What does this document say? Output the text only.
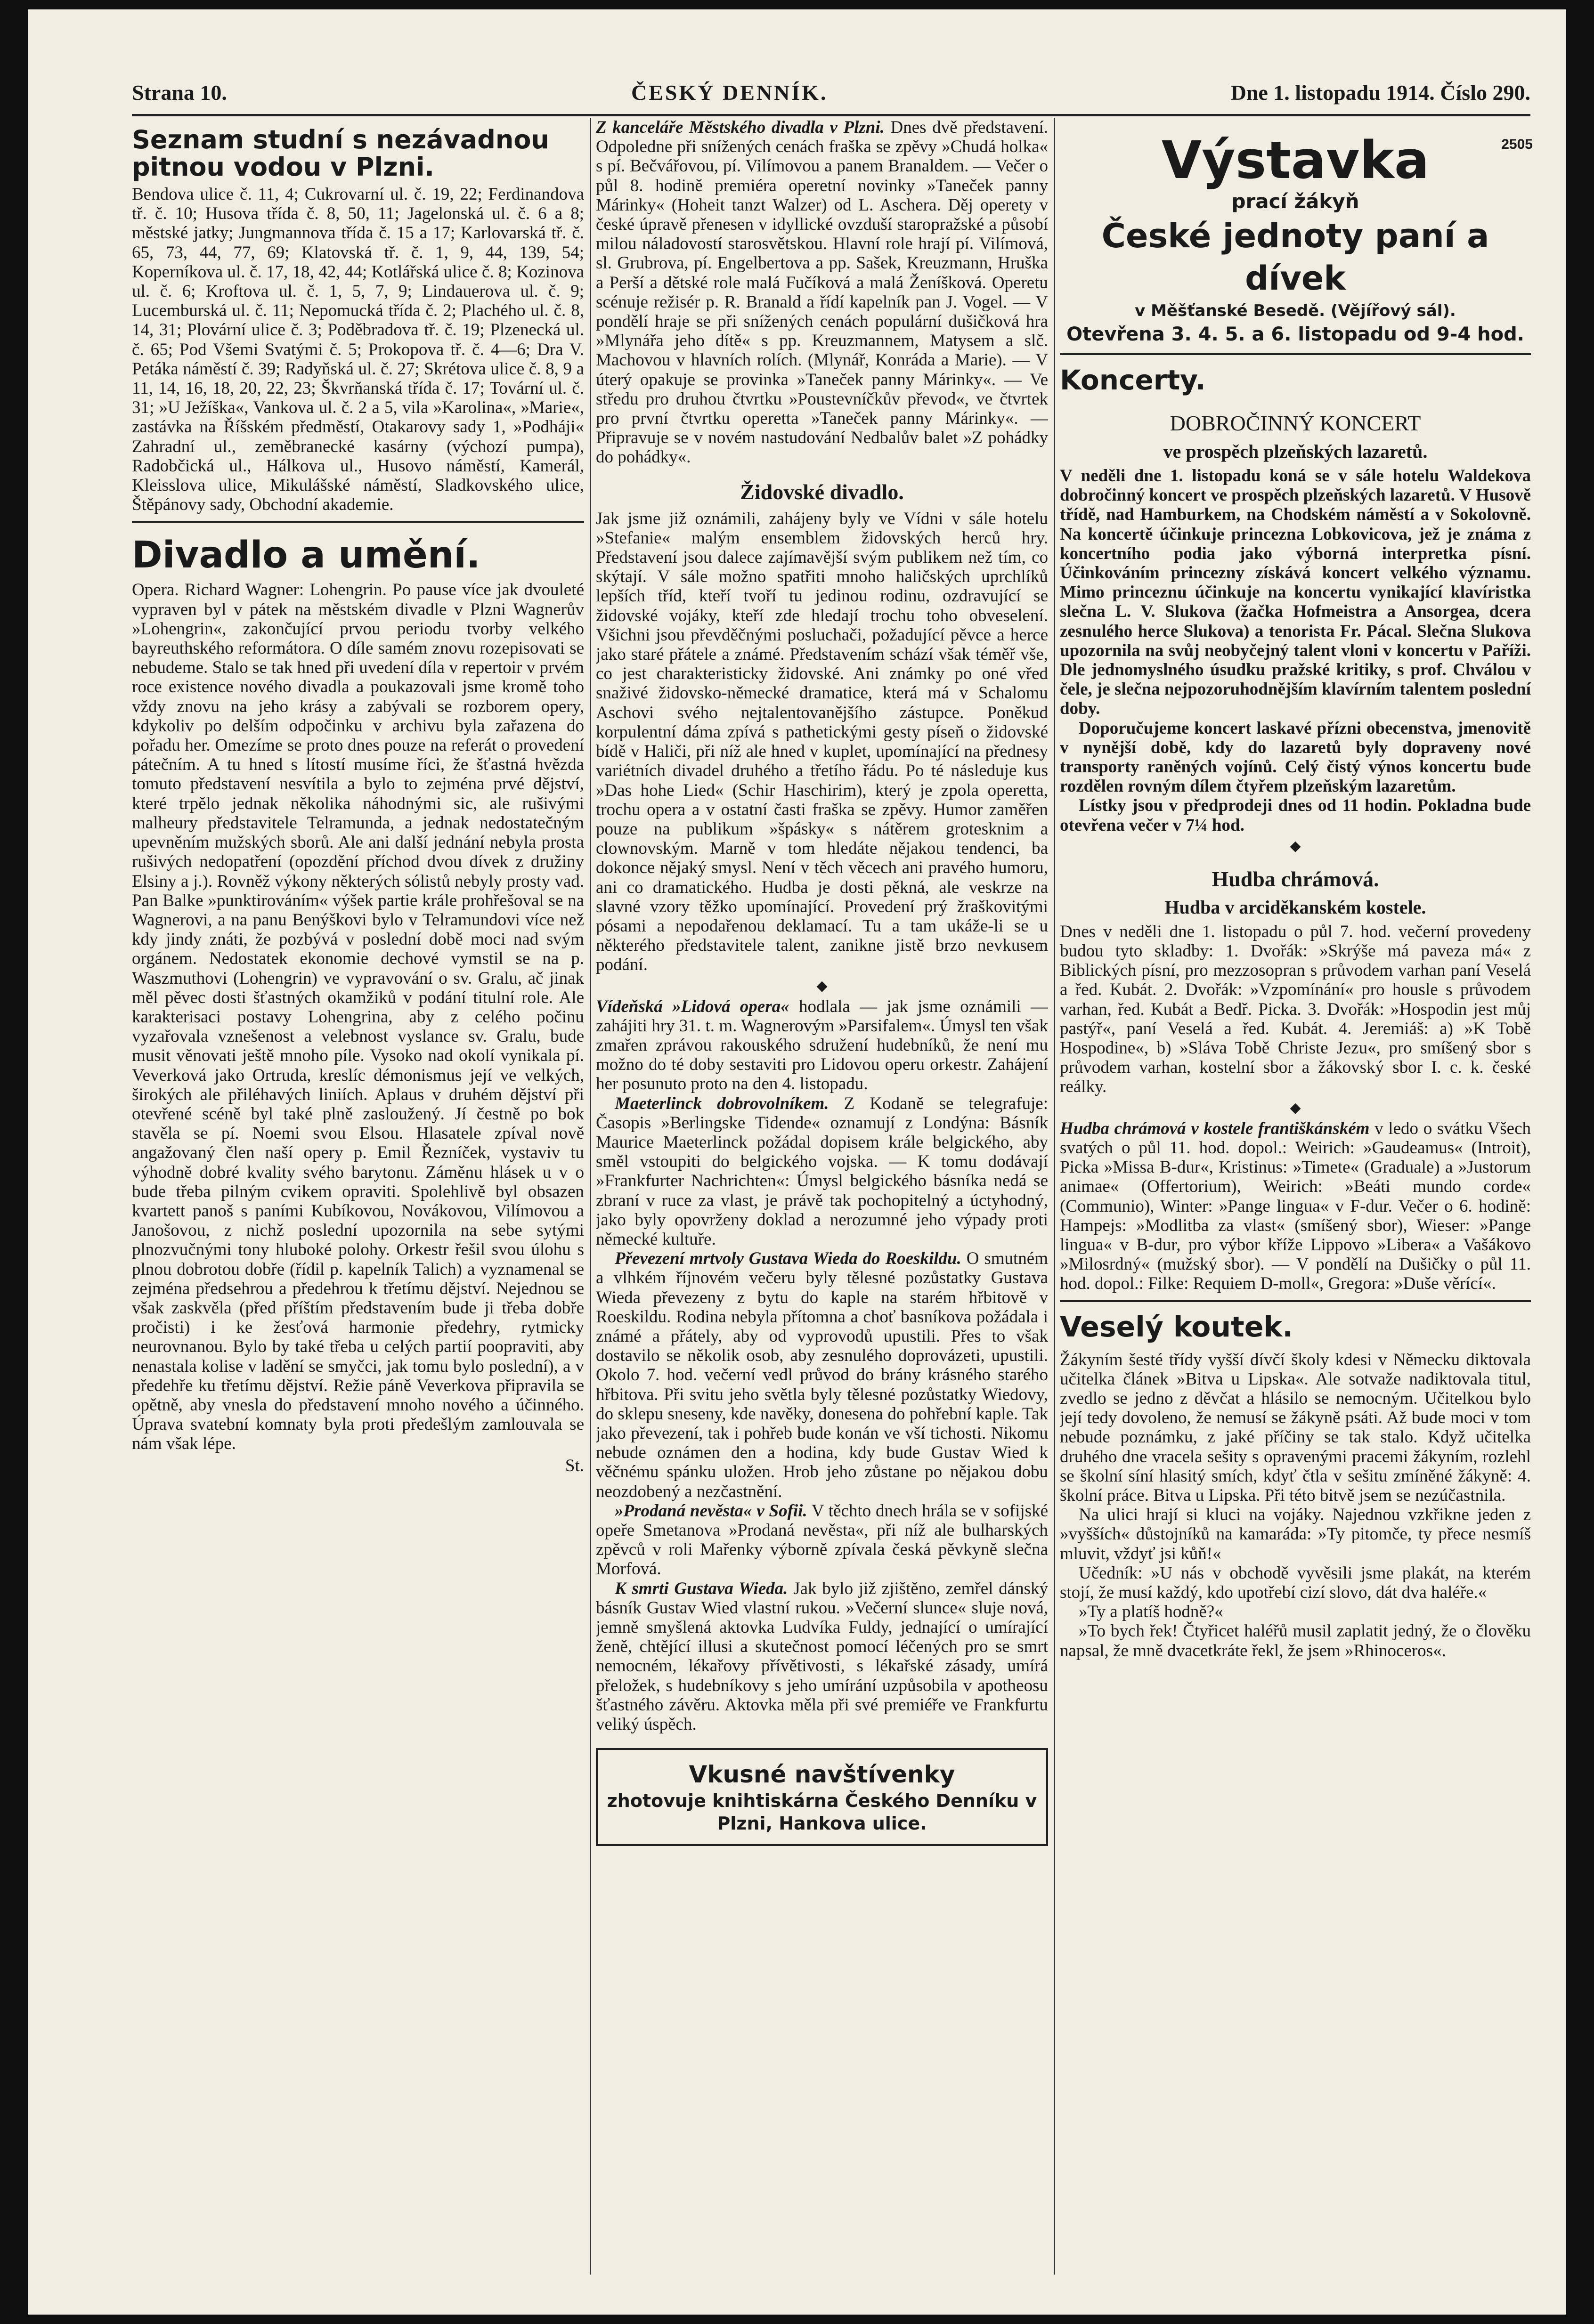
Strana 10.	ČESKÝ DENNÍK.	Dne 1. listopadu 1914. Číslo 290.
Seznam studní s nezávadnou pitnou vodou v Plzni.

Bendova ulice č. 11, 4; Cukrovarní ul. č. 19, 22; Ferdinandova tř. č. 10; Husova třída č. 8, 50, 11; Jagelonská ul. č. 6 a 8; městské jatky; Jungmannova třída č. 15 a 17; Karlovarská tř. č. 65, 73, 44, 77, 69; Klatovská tř. č. 1, 9, 44, 139, 54; Koperníkova ul. č. 17, 18, 42, 44; Kotlářská ulice č. 8; Kozinova ul. č. 6; Kroftova ul. č. 1, 5, 7, 9; Lindauerova ul. č. 9; Lucemburská ul. č. 11; Nepomucká třída č. 2; Plachého ul. č. 8, 14, 31; Plovární ulice č. 3; Poděbradova tř. č. 19; Plzenecká ul. č. 65; Pod Všemi Svatými č. 5; Prokopova tř. č. 4—6; Dra V. Petáka náměstí č. 39; Radyňská ul. č. 27; Skrétova ulice č. 8, 9 a 11, 14, 16, 18, 20, 22, 23; Škvrňanská třída č. 17; Tovární ul. č. 31; »U Ježíška«, Vankova ul. č. 2 a 5, vila »Karolina«, »Marie«, zastávka na Říšském předměstí, Otakarovy sady 1, »Podháji« Zahradní ul., zeměbranecké kasárny (výchozí pumpa), Radobčická ul., Hálkova ul., Husovo náměstí, Kamerál, Kleisslova ulice, Mikulášské náměstí, Sladkovského ulice, Štěpánovy sady, Obchodní akademie.

Divadlo a umění.

Opera. Richard Wagner: Lohengrin. Po pause více jak dvouleté vypraven byl v pátek na městském divadle v Plzni Wagnerův »Lohengrin«, zakončující prvou periodu tvorby velkého bayreuthského reformátora. O díle samém znovu rozepisovati se nebudeme. Stalo se tak hned při uvedení díla v repertoir v prvém roce existence nového divadla a poukazovali jsme kromě toho vždy znovu na jeho krásy a zabývali se rozborem opery, kdykoliv po delším odpočinku v archivu byla zařazena do pořadu her. Omezíme se proto dnes pouze na referát o provedení pátečním. A tu hned s lítostí musíme říci, že šťastná hvězda tomuto představení nesvítila a bylo to zejména prvé dějství, které trpělo jednak několika náhodnými sic, ale rušivými malheury představitele Telramunda, a jednak nedostatečným upevněním mužských sborů. Ale ani další jednání nebyla prosta rušivých nedopatření (opozdění příchod dvou dívek z družiny Elsiny a j.). Rovněž výkony některých sólistů nebyly prosty vad. Pan Balke »punktirováním« výšek partie krále prohřešoval se na Wagnerovi, a na panu Benýškovi bylo v Telramundovi více než kdy jindy znáti, že pozbývá v poslední době moci nad svým orgánem. Nedostatek ekonomie dechové vymstil se na p. Waszmuthovi (Lohengrin) ve vypravování o sv. Gralu, ač jinak měl pěvec dosti šťastných okamžiků v podání titulní role. Ale karakterisaci postavy Lohengrina, aby z celého počinu vyzařovala vznešenost a velebnost vyslance sv. Gralu, bude musit věnovati ještě mnoho píle. Vysoko nad okolí vynikala pí. Veverková jako Ortruda, kreslíc démonismus její ve velkých, širokých ale přiléhavých liniích. Aplaus v druhém dějství při otevřené scéně byl také plně zasloužený. Jí čestně po bok stavěla se pí. Noemi svou Elsou. Hlasatele zpíval nově angažovaný člen naší opery p. Emil Řezníček, vystaviv tu výhodně dobré kvality svého barytonu. Záměnu hlásek u v o bude třeba pilným cvikem opraviti. Spolehlivě byl obsazen kvartett panoš s paními Kubíkovou, Novákovou, Vilímovou a Janošovou, z nichž poslední upozornila na sebe sytými plnozvučnými tony hluboké polohy. Orkestr řešil svou úlohu s plnou dobrotou dobře (řídil p. kapelník Talich) a vyznamenal se zejména předsehrou a předehrou k třetímu dějství. Nejednou se však zaskvěla (před příštím představením bude ji třeba dobře pročisti) i ke žesťová harmonie předehry, rytmicky neurovnanou. Bylo by také třeba u celých partií poopraviti, aby nenastala kolise v ladění se smyčci, jak tomu bylo poslední), a v předehře ku třetímu dějství. Režie páně Veverkova připravila se opětně, aby vnesla do představení mnoho nového a účinného. Úprava svatební komnaty byla proti předešlým zamlouvala se nám však lépe.

St.

Z kanceláře Městského divadla v Plzni. Dnes dvě představení. Odpoledne při snížených cenách fraška se zpěvy »Chudá holka« s pí. Bečvářovou, pí. Vilímovou a panem Branaldem. — Večer o půl 8. hodině premiéra operetní novinky »Taneček panny Márinky« (Hoheit tanzt Walzer) od L. Aschera. Děj operety v české úpravě přenesen v idyllické ovzduší staropražské a působí milou náladovostí starosvětskou. Hlavní role hrají pí. Vilímová, sl. Grubrova, pí. Engelbertova a pp. Sašek, Kreuzmann, Hruška a Perší a dětské role malá Fučíková a malá Ženíšková. Operetu scénuje režisér p. R. Branald a řídí kapelník pan J. Vogel. — V pondělí hraje se při snížených cenách populární dušičková hra »Mlynářa jeho dítě« s pp. Kreuzmannem, Matysem a slč. Machovou v hlavních rolích. (Mlynář, Konráda a Marie). — V úterý opakuje se provinka »Taneček panny Márinky«. — Ve středu pro druhou čtvrtku »Poustevníčkův převod«, ve čtvrtek pro první čtvrtku operetta »Taneček panny Márinky«. — Připravuje se v novém nastudování Nedbalův balet »Z pohádky do pohádky«.

Židovské divadlo.

Jak jsme již oznámili, zahájeny byly ve Vídni v sále hotelu »Stefanie« malým ensemblem židovských herců hry. Představení jsou dalece zajímavější svým publikem než tím, co skýtají. V sále možno spatřiti mnoho haličských uprchlíků lepších tříd, kteří tvoří tu jedinou rodinu, ozdravující se židovské vojáky, kteří zde hledají trochu toho obveselení. Všichni jsou převděčnými posluchači, požadující pěvce a herce jako staré přátele a známé. Představením schází však téměř vše, co jest charakteristicky židovské. Ani známky po oné vřed snaživé židovsko-německé dramatice, která má v Schalomu Aschovi svého nejtalentovanějšího zástupce. Poněkud korpulentní dáma zpívá s pathetickými gesty píseň o židovské bídě v Haliči, při níž ale hned v kuplet, upomínající na přednesy variétních divadel druhého a třetího řádu. Po té následuje kus »Das hohe Lied« (Schir Haschirim), který je zpola operetta, trochu opera a v ostatní časti fraška se zpěvy. Humor zaměřen pouze na publikum »špásky« s nátěrem grotesknim a clownovským. Marně v tom hledáte nějakou tendenci, ba dokonce nějaký smysl. Není v těch věcech ani pravého humoru, ani co dramatického. Hudba je dosti pěkná, ale veskrze na slavné vzory těžko upomínající. Provedení prý žraškovitými pósami a nepodařenou deklamací. Tu a tam ukáže-li se u některého představitele talent, zanikne jistě brzo nevkusem podání.

◆

Vídeňská »Lidová opera« hodlala — jak jsme oznámili — zahájiti hry 31. t. m. Wagnerovým »Parsifalem«. Úmysl ten však zmařen zprávou rakouského sdružení hudebníků, že není mu možno do té doby sestaviti pro Lidovou operu orkestr. Zahájení her posunuto proto na den 4. listopadu.

Maeterlinck dobrovolníkem. Z Kodaně se telegrafuje: Časopis »Berlingske Tidende« oznamují z Londýna: Básník Maurice Maeterlinck požádal dopisem krále belgického, aby směl vstoupiti do belgického vojska. — K tomu dodávají »Frankfurter Nachrichten«: Úmysl belgického básníka nedá se zbraní v ruce za vlast, je právě tak pochopitelný a úctyhodný, jako byly opovrženy doklad a nerozumné jeho výpady proti německé kultuře.

Převezení mrtvoly Gustava Wieda do Roeskildu. O smutném a vlhkém říjnovém večeru byly tělesné pozůstatky Gustava Wieda převezeny z bytu do kaple na starém hřbitově v Roeskildu. Rodina nebyla přítomna a choť basníkova požádala i známé a přátely, aby od vyprovodů upustili. Přes to však dostavilo se několik osob, aby zesnulého doprovázeti, upustili. Okolo 7. hod. večerní vedl průvod do brány krásného starého hřbitova. Při svitu jeho světla byly tělesné pozůstatky Wiedovy, do sklepu sneseny, kde navěky, donesena do pohřební kaple. Tak jako převezení, tak i pohřeb bude konán ve vší tichosti. Nikomu nebude oznámen den a hodina, kdy bude Gustav Wied k věčnému spánku uložen. Hrob jeho zůstane po nějakou dobu neozdobený a nezčastnění.

»Prodaná nevěsta« v Sofii. V těchto dnech hrála se v sofijské opeře Smetanova »Prodaná nevěsta«, při níž ale bulharských zpěvců v roli Mařenky výborně zpívala česká pěvkyně slečna Morfová.

K smrti Gustava Wieda. Jak bylo již zjištěno, zemřel dánský básník Gustav Wied vlastní rukou. »Večerní slunce« sluje nová, jemně smyšlená aktovka Ludvíka Fuldy, jednající o umírající ženě, chtějící illusi a skutečnost pomocí léčených pro se smrt nemocném, lékařovy přívětivosti, s lékařské zásady, umírá přeložek, s hudebníkovy s jeho umírání uzpůsobila v apotheosu šťastného závěru. Aktovka měla při své premiéře ve Frankfurtu veliký úspěch.

Vkusné navštívenky
zhotovuje knihtiskárna Českého Denníku v Plzni, Hankova ulice.
2505
Výstavka
prací žákyň
České jednoty paní a dívek
v Měšťanské Besedě. (Vějířový sál).
Otevřena 3. 4. 5. a 6. listopadu od 9-4 hod.
Koncerty.
DOBROČINNÝ KONCERT
ve prospěch plzeňských lazaretů.

V neděli dne 1. listopadu koná se v sále hotelu Waldekova dobročinný koncert ve prospěch plzeňských lazaretů. V Husově třídě, nad Hamburkem, na Chodském náměstí a v Sokolovně. Na koncertě účinkuje princezna Lobkovicova, jež je známa z koncertního podia jako výborná interpretka písní. Účinkováním princezny získává koncert velkého významu. Mimo princeznu účinkuje na koncertu vynikající klavíristka slečna L. V. Slukova (žačka Hofmeistra a Ansorgea, dcera zesnulého herce Slukova) a tenorista Fr. Pácal. Slečna Slukova upozornila na svůj neobyčejný talent vloni v koncertu v Paříži. Dle jednomyslného úsudku pražské kritiky, s prof. Chválou v čele, je slečna nejpozoruhodnějším klavírním talentem poslední doby.

Doporučujeme koncert laskavé přízni obecenstva, jmenovitě v nynější době, kdy do lazaretů byly dopraveny nové transporty raněných vojínů. Celý čistý výnos koncertu bude rozdělen rovným dílem čtyřem plzeňským lazaretům.

Lístky jsou v předprodeji dnes od 11 hodin. Pokladna bude otevřena večer v 7¼ hod.

◆
Hudba chrámová.
Hudba v arciděkanském kostele.

Dnes v neděli dne 1. listopadu o půl 7. hod. večerní provedeny budou tyto skladby: 1. Dvořák: »Skrýše má paveza má« z Biblických písní, pro mezzosopran s průvodem varhan paní Veselá a řed. Kubát. 2. Dvořák: »Vzpomínání« pro housle s průvodem varhan, řed. Kubát a Bedř. Picka. 3. Dvořák: »Hospodin jest můj pastýř«, paní Veselá a řed. Kubát. 4. Jeremiáš: a) »K Tobě Hospodine«, b) »Sláva Tobě Christe Jezu«, pro smíšený sbor s průvodem varhan, kostelní sbor a žákovský sbor I. c. k. české reálky.

◆

Hudba chrámová v kostele františkánském v ledo o svátku Všech svatých o půl 11. hod. dopol.: Weirich: »Gaudeamus« (Introit), Picka »Missa B-dur«, Kristinus: »Timete« (Graduale) a »Justorum animae« (Offertorium), Weirich: »Beáti mundo corde« (Communio), Winter: »Pange lingua« v F-dur. Večer o 6. hodině: Hampejs: »Modlitba za vlast« (smíšený sbor), Wieser: »Pange lingua« v B-dur, pro výbor kříže Lippovo »Libera« a Vašákovo »Milosrdný« (mužský sbor). — V pondělí na Dušičky o půl 11. hod. dopol.: Filke: Requiem D-moll«, Gregora: »Duše věrící«.

Veselý koutek.

Žákyním šesté třídy vyšší dívčí školy kdesi v Německu diktovala učitelka článek »Bitva u Lipska«. Ale sotvaže nadiktovala titul, zvedlo se jedno z děvčat a hlásilo se nemocným. Učitelkou bylo její tedy dovoleno, že nemusí se žákyně psáti. Až bude moci v tom nebude poznámku, z jaké příčiny se tak stalo. Když učitelka druhého dne vracela sešity s opravenými pracemi žákyním, rozlehl se školní síní hlasitý smích, kdyť čtla v sešitu zmíněné žákyně: 4. školní práce. Bitva u Lipska. Při této bitvě jsem se nezúčastnila.

Na ulici hrají si kluci na vojáky. Najednou vzkřikne jeden z »vyšších« důstojníků na kamaráda: »Ty pitomče, ty přece nesmíš mluvit, vždyť jsi kůň!«

Učedník: »U nás v obchodě vyvěsili jsme plakát, na kterém stojí, že musí každý, kdo upotřebí cizí slovo, dát dva haléře.«

»Ty a platíš hodně?«

»To bych řek! Čtyřicet haléřů musil zaplatit jedný, že o člověku napsal, že mně dvacetkráte řekl, že jsem »Rhinoceros«.
